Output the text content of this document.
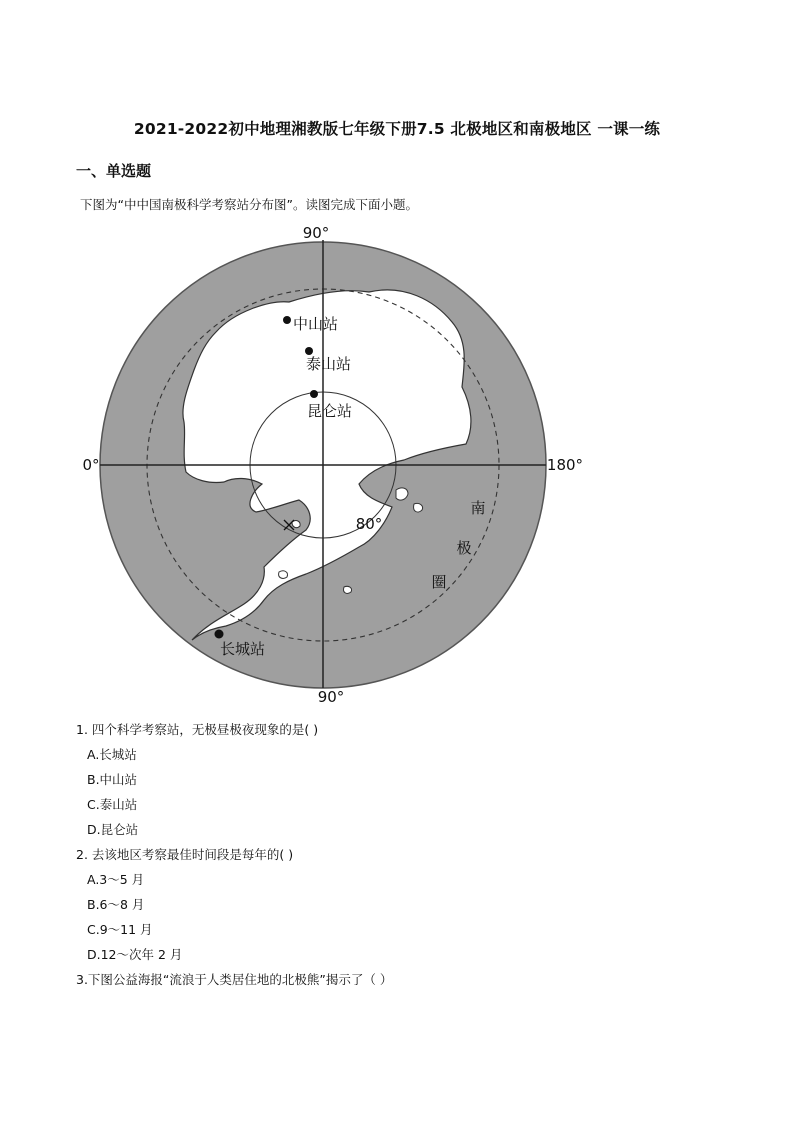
2021-2022初中地理湘教版七年级下册7.5 北极地区和南极地区 一课一练
一、单选题
下图为“中中国南极科学考察站分布图”。读图完成下面小题。
90°
90°
0°	180°
80°
中山站
泰山站
昆仑站
长城站
南
极
圈
1. 四个科学考察站，无极昼极夜现象的是( )
A.长城站
B.中山站
C.泰山站
D.昆仑站
2. 去该地区考察最佳时间段是每年的( )
A.3～5 月
B.6～8 月
C.9～11 月
D.12～次年 2 月
3.下图公益海报“流浪于人类居住地的北极熊”揭示了（ ）
